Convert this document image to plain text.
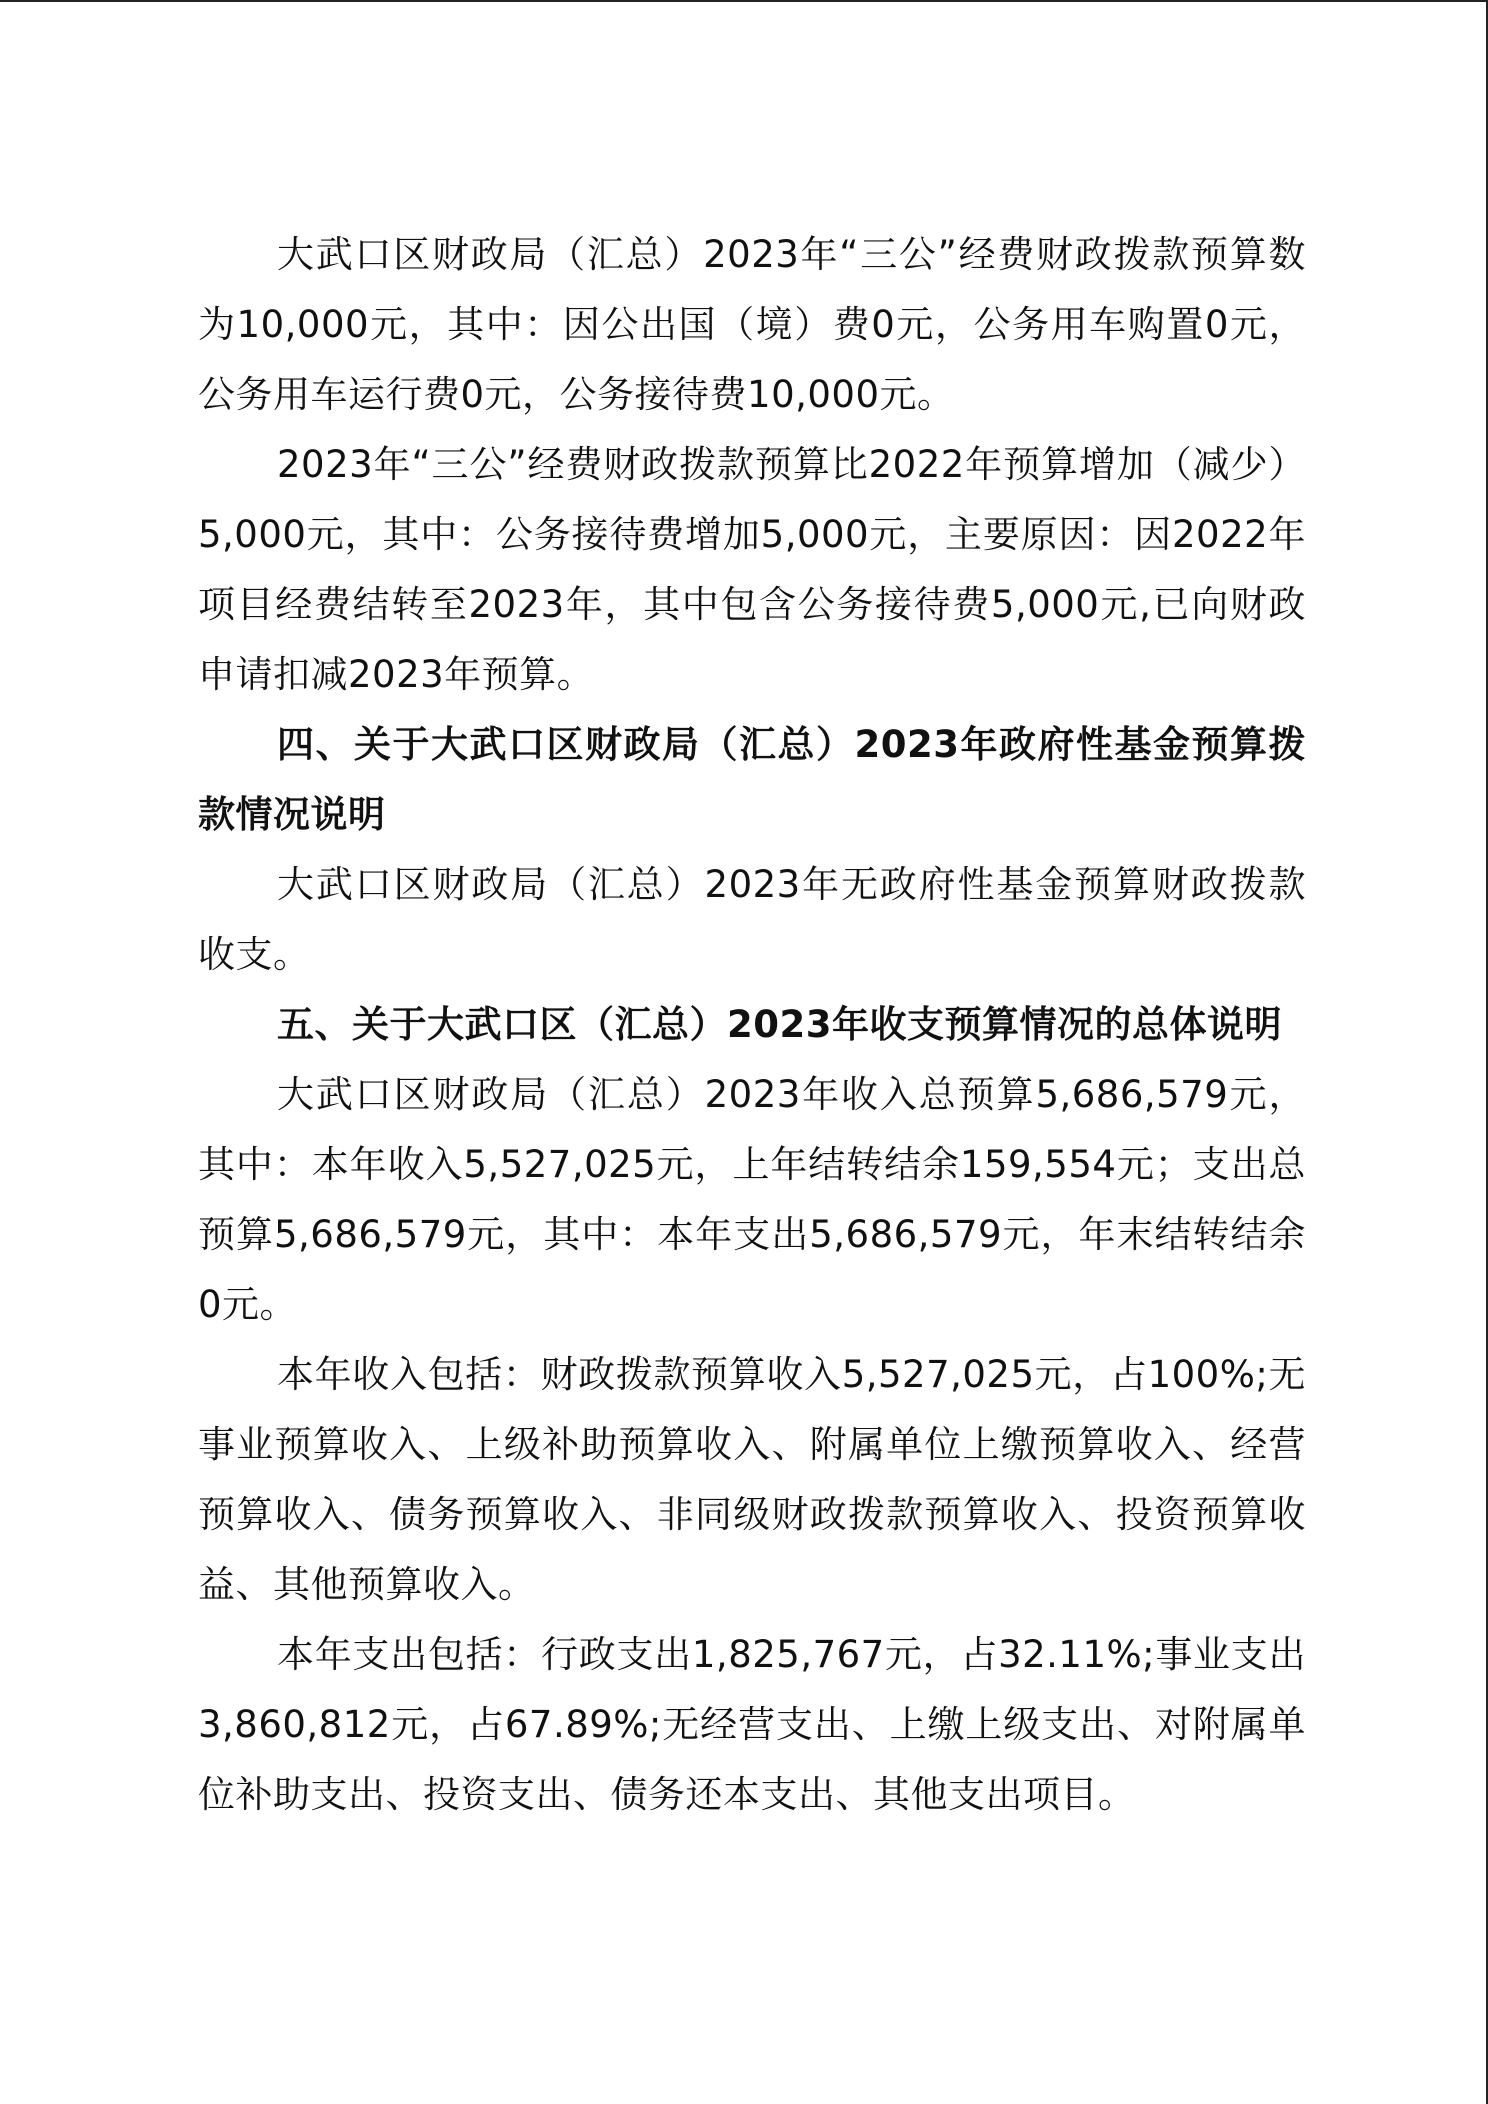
大武口区财政局（汇总）2023年“三公”经费财政拨款预算数为10,000元，其中：因公出国（境）费0元，公务用车购置0元，公务用车运行费0元，公务接待费10,000元。

2023年“三公”经费财政拨款预算比2022年预算增加（减少）5,000元，其中：公务接待费增加5,000元，主要原因：因2022年项目经费结转至2023年，其中包含公务接待费5,000元,已向财政申请扣减2023年预算。

四、关于大武口区财政局（汇总）2023年政府性基金预算拨款情况说明

大武口区财政局（汇总）2023年无政府性基金预算财政拨款收支。

五、关于大武口区（汇总）2023年收支预算情况的总体说明

大武口区财政局（汇总）2023年收入总预算5,686,579元，其中：本年收入5,527,025元，上年结转结余159,554元；支出总预算5,686,579元，其中：本年支出5,686,579元，年末结转结余0元。

本年收入包括：财政拨款预算收入5,527,025元，占100%;无事业预算收入、上级补助预算收入、附属单位上缴预算收入、经营预算收入、债务预算收入、非同级财政拨款预算收入、投资预算收益、其他预算收入。

本年支出包括：行政支出1,825,767元，占32.11%;事业支出3,860,812元，占67.89%;无经营支出、上缴上级支出、对附属单位补助支出、投资支出、债务还本支出、其他支出项目。
